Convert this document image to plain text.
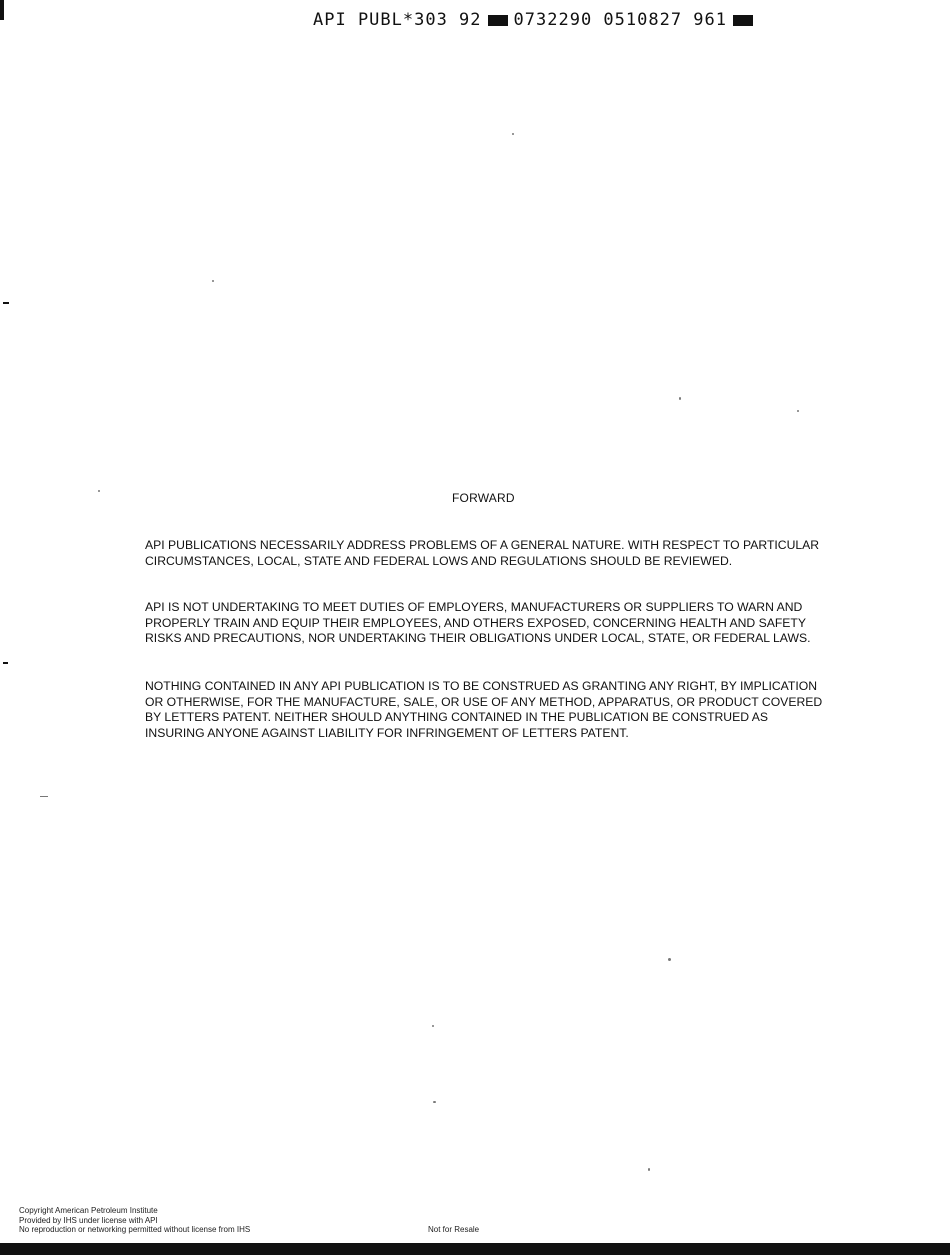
API PUBL*303 92 0732290 0510827 961
FORWARD

API PUBLICATIONS NECESSARILY ADDRESS PROBLEMS OF A GENERAL NATURE. WITH RESPECT TO PARTICULAR CIRCUMSTANCES, LOCAL, STATE AND FEDERAL LOWS AND REGULATIONS SHOULD BE REVIEWED.

API IS NOT UNDERTAKING TO MEET DUTIES OF EMPLOYERS, MANUFACTURERS OR SUPPLIERS TO WARN AND PROPERLY TRAIN AND EQUIP THEIR EMPLOYEES, AND OTHERS EXPOSED, CONCERNING HEALTH AND SAFETY RISKS AND PRECAUTIONS, NOR UNDERTAKING THEIR OBLIGATIONS UNDER LOCAL, STATE, OR FEDERAL LAWS.

NOTHING CONTAINED IN ANY API PUBLICATION IS TO BE CONSTRUED AS GRANTING ANY RIGHT, BY IMPLICATION OR OTHERWISE, FOR THE MANUFACTURE, SALE, OR USE OF ANY METHOD, APPARATUS, OR PRODUCT COVERED BY LETTERS PATENT. NEITHER SHOULD ANYTHING CONTAINED IN THE PUBLICATION BE CONSTRUED AS INSURING ANYONE AGAINST LIABILITY FOR INFRINGEMENT OF LETTERS PATENT.

Copyright American Petroleum Institute
Provided by IHS under license with API
No reproduction or networking permitted without license from IHS	Not for Resale
